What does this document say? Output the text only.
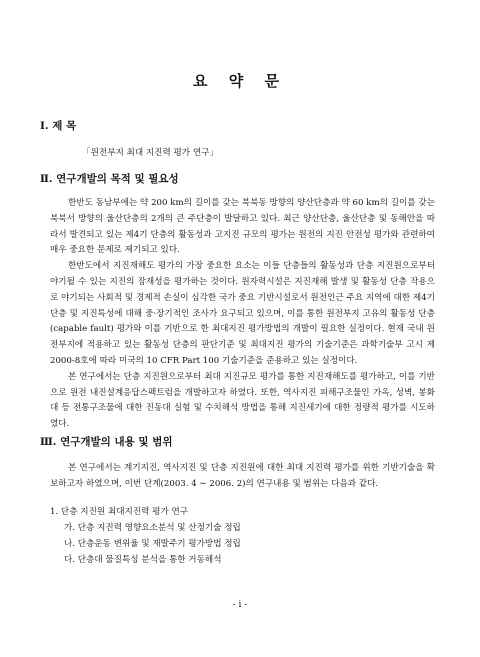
요 약 문
Ⅰ. 제 목
「원전부지 최대 지진력 평가 연구」
Ⅱ. 연구개발의 목적 및 필요성

한반도 동남부에는 약 200 km의 길이를 갖는 북북동 방향의 양산단층과 약 60 km의 길이를 갖는 북북서 방향의 울산단층의 2개의 큰 주단층이 발달하고 있다. 최근 양산단층, 울산단층 및 동해안을 따라서 발견되고 있는 제4기 단층의 활동성과 고지진 규모의 평가는 원전의 지진 안전성 평가와 관련하여 매우 중요한 문제로 제기되고 있다.

한반도에서 지진재해도 평가의 가장 중요한 요소는 이들 단층들의 활동성과 단층 지진원으로부터 야기될 수 있는 지진의 잠재성을 평가하는 것이다. 원자력시설은 지진재해 발생 및 활동성 단층 작용으로 야기되는 사회적 및 경제적 손실이 심각한 국가 중요 기반시설로서 원전인근 주요 지역에 대한 제4기 단층 및 지진특성에 대해 중·장기적인 조사가 요구되고 있으며, 이를 통한 원전부지 고유의 활동성 단층(capable fault) 평가와 이를 기반으로 한 최대지진 평가방법의 개발이 필요한 실정이다. 현재 국내 원전부지에 적용하고 있는 활동성 단층의 판단기준 및 최대지진 평가의 기술기준은 과학기술부 고시 제2000-8호에 따라 미국의 10 CFR Part 100 기술기준을 준용하고 있는 실정이다.

본 연구에서는 단층 지진원으로부터 최대 지진규모 평가를 통한 지진재해도를 평가하고, 이를 기반으로 원전 내진설계응답스펙트럼을 개발하고자 하였다. 또한, 역사지진 피해구조물인 가옥, 성벽, 봉화대 등 전통구조물에 대한 진동대 실험 및 수치해석 방법을 통해 지진세기에 대한 정량적 평가를 시도하였다.

Ⅲ. 연구개발의 내용 및 범위

본 연구에서는 계기지진, 역사지진 및 단층 지진원에 대한 최대 지진력 평가를 위한 기반기술을 확보하고자 하였으며, 이번 단계(2003. 4 ∼ 2006. 2)의 연구내용 및 범위는 다음과 같다.

1. 단층 지진원 최대지진력 평가 연구
가. 단층 지진력 영향요소분석 및 산정기술 정립
나. 단층운동 변위율 및 재발주기 평가방법 정립
다. 단층대 물질특성 분석을 통한 거동해석
- i -
